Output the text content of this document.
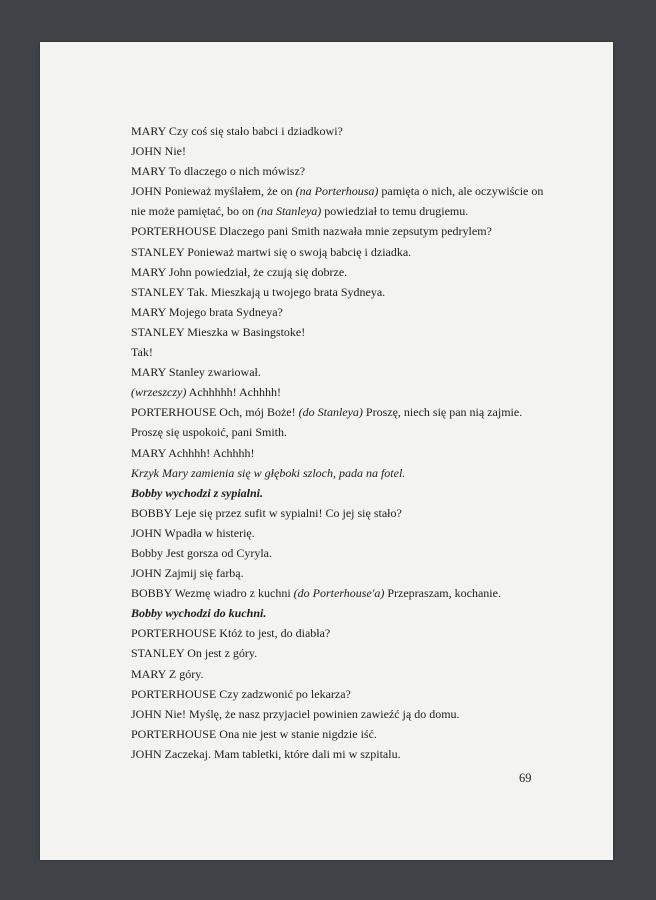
MARY Czy coś się stało babci i dziadkowi?
JOHN Nie!
MARY To dlaczego o nich mówisz?
JOHN Ponieważ myślałem, że on (na Porterhousa) pamięta o nich, ale oczywiście on
nie może pamiętać, bo on (na Stanleya) powiedział to temu drugiemu.
PORTERHOUSE Dlaczego pani Smith nazwała mnie zepsutym pedrylem?
STANLEY Ponieważ martwi się o swoją babcię i dziadka.
MARY John powiedział, że czują się dobrze.
STANLEY Tak. Mieszkają u twojego brata Sydneya.
MARY Mojego brata Sydneya?
STANLEY Mieszka w Basingstoke!
Tak!
MARY Stanley zwariował.
(wrzeszczy) Achhhhh! Achhhh!
PORTERHOUSE Och, mój Boże! (do Stanleya) Proszę, niech się pan nią zajmie.
Proszę się uspokoić, pani Smith.
MARY Achhhh! Achhhh!
Krzyk Mary zamienia się w głęboki szloch, pada na fotel.
Bobby wychodzi z sypialni.
BOBBY Leje się przez sufit w sypialni! Co jej się stało?
JOHN Wpadła w histerię.
Bobby Jest gorsza od Cyryla.
JOHN Zajmij się farbą.
BOBBY Wezmę wiadro z kuchni (do Porterhouse'a) Przepraszam, kochanie.
Bobby wychodzi do kuchni.
PORTERHOUSE Któż to jest, do diabła?
STANLEY On jest z góry.
MARY Z góry.
PORTERHOUSE Czy zadzwonić po lekarza?
JOHN Nie! Myślę, że nasz przyjaciel powinien zawieźć ją do domu.
PORTERHOUSE Ona nie jest w stanie nigdzie iść.
JOHN Zaczekaj. Mam tabletki, które dali mi w szpitalu.
69
